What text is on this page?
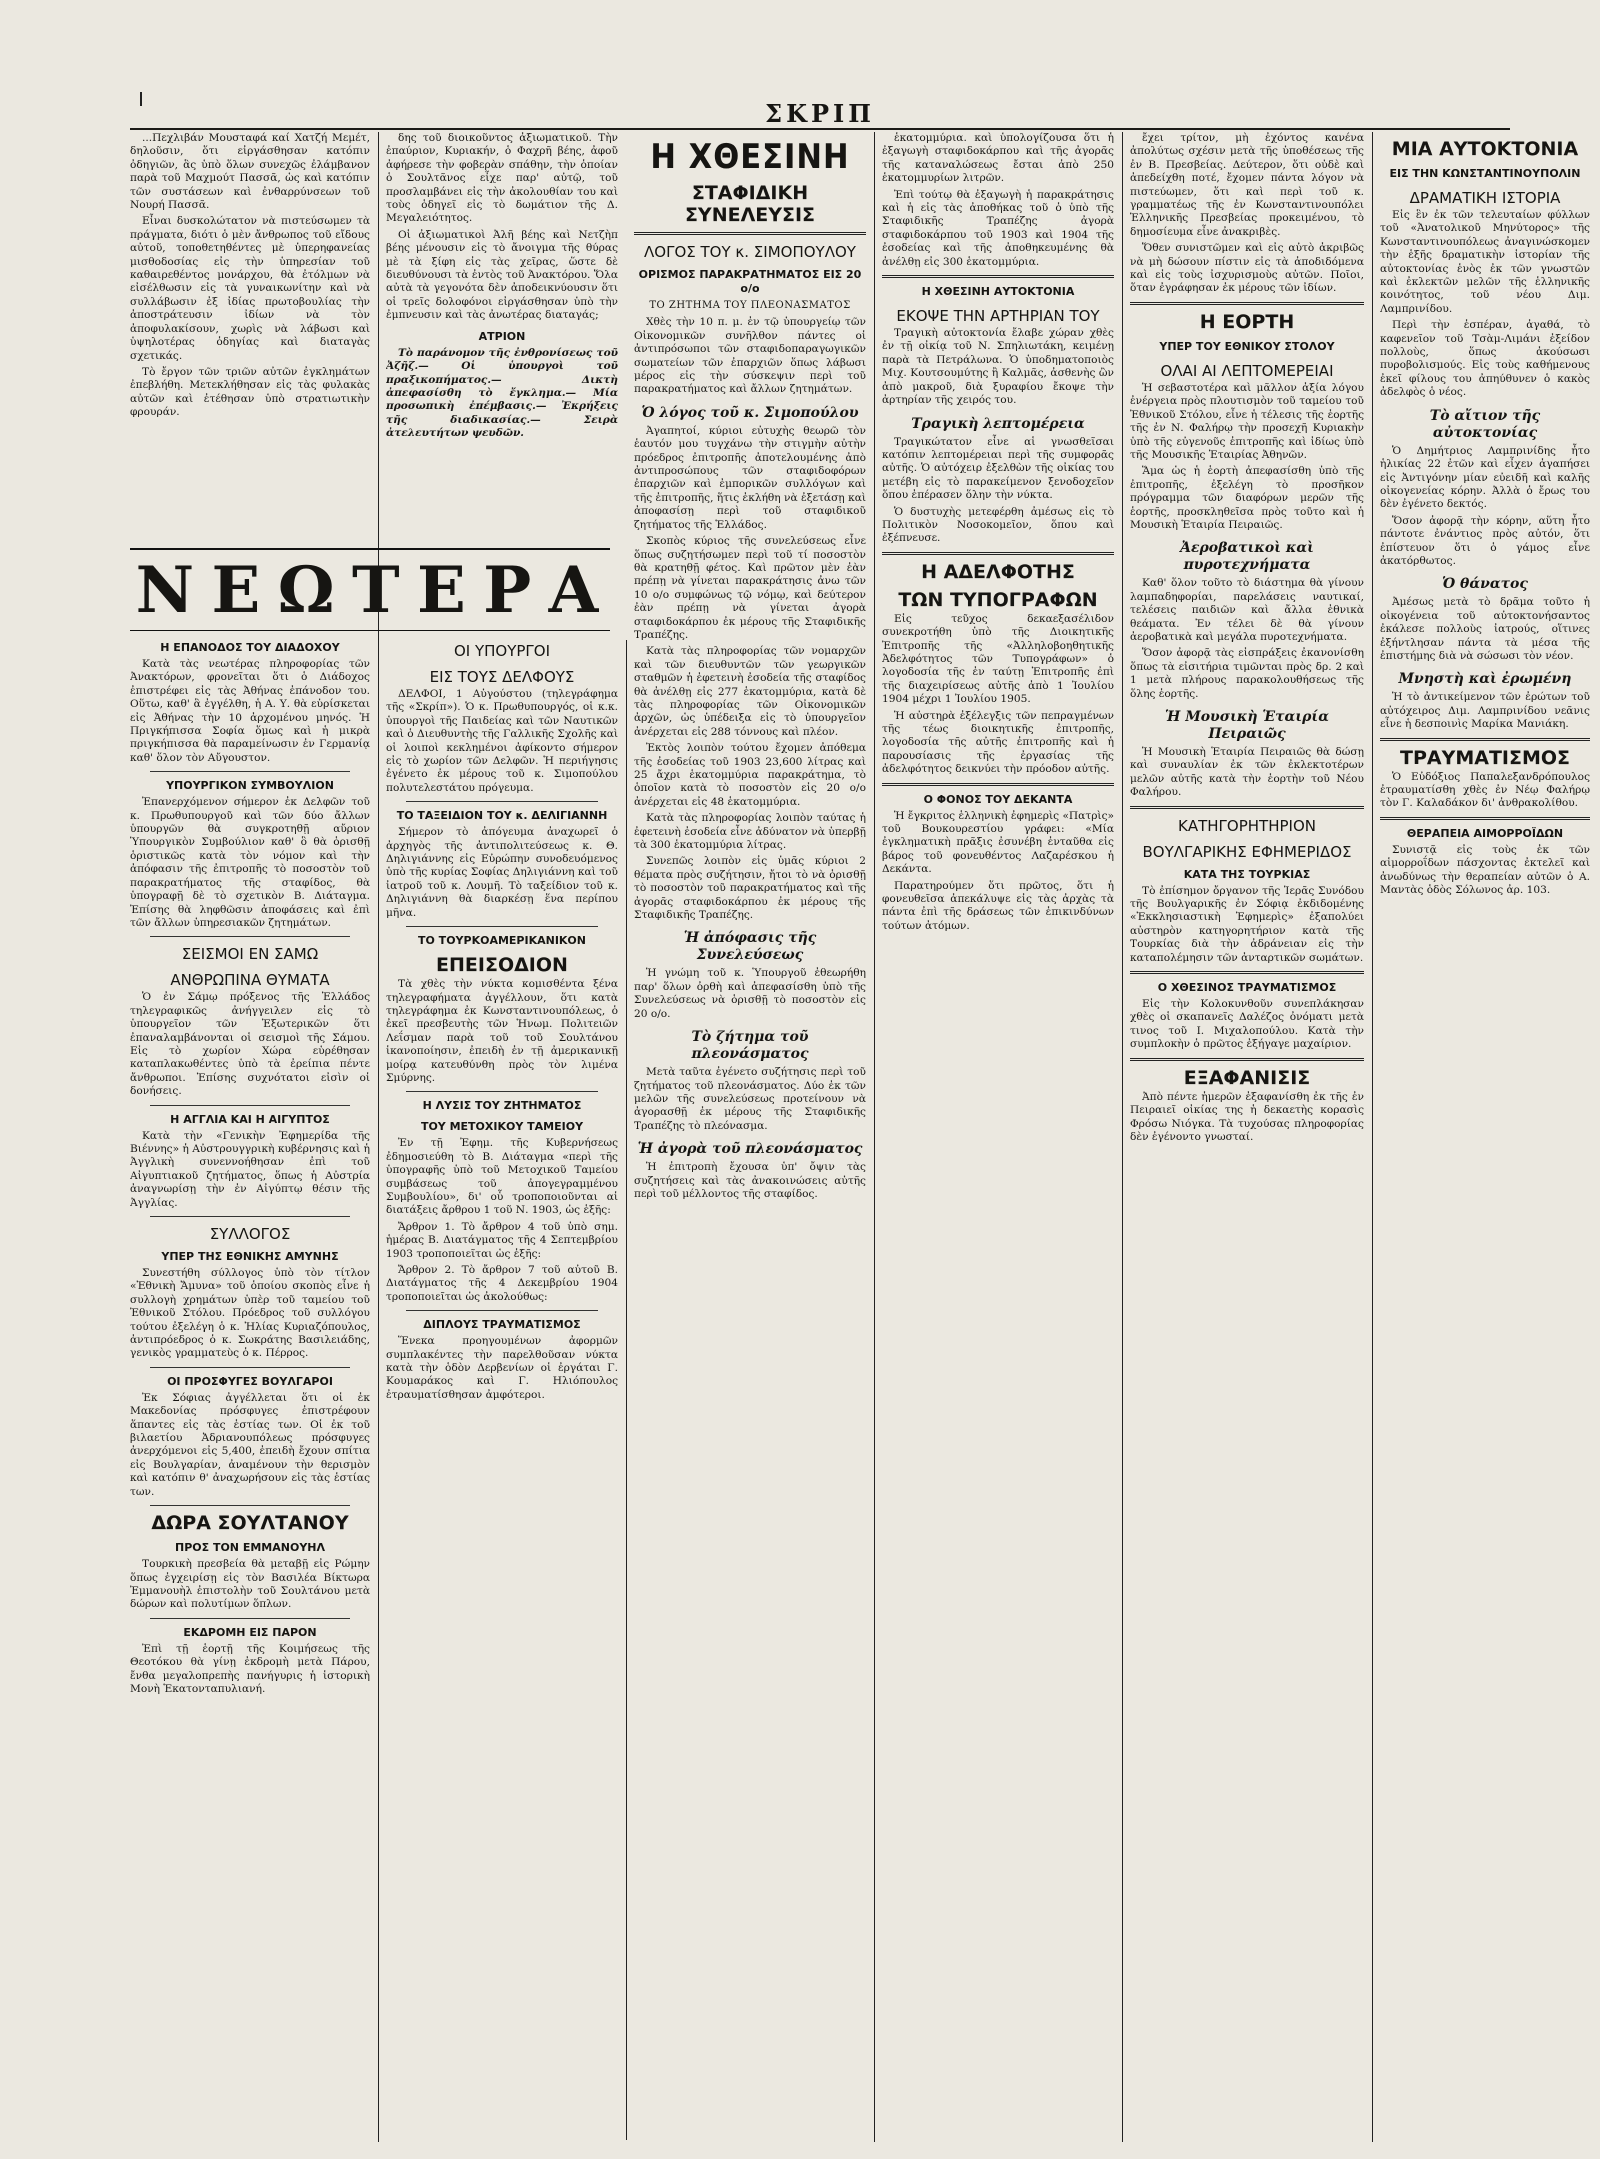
ΣΚΡΙΠ
Ν Ε Ω Τ Ε Ρ Α

...Πεχλιβάν Μουσταφά καί Χατζή Μεμέτ, δηλοῦσιν, ὅτι εἰργάσθησαν κατόπιν ὀδηγιῶν, ἃς ὑπὸ ὅλων συνεχῶς ἐλάμβανον παρὰ τοῦ Μαχμούτ Πασσᾶ, ὡς καὶ κατόπιν τῶν συστάσεων καὶ ἐνθαρρύνσεων τοῦ Νουρή Πασσᾶ.

Εἶναι δυσκολώτατον νὰ πιστεύσωμεν τὰ πράγματα, διότι ὁ μὲν ἄνθρωπος τοῦ εἴδους αὐτοῦ, τοποθετηθέντες μὲ ὑπερηφανείας μισθοδοσίας εἰς τὴν ὑπηρεσίαν τοῦ καθαιρεθέντος μονάρχου, θὰ ἐτόλμων νὰ εἰσέλθωσιν εἰς τὰ γυναικωνίτην καὶ νὰ συλλάβωσιν ἐξ ἰδίας πρωτοβουλίας τὴν ἀποστράτευσιν ἰδίων νὰ τὸν ἀποφυλακίσουν, χωρὶς νὰ λάβωσι καὶ ὑψηλοτέρας ὁδηγίας καὶ διαταγὰς σχετικάς.

Τὸ ἔργον τῶν τριῶν αὐτῶν ἐγκλημάτων ἐπεβλήθη. Μετεκλήθησαν εἰς τὰς φυλακὰς αὐτῶν καὶ ἐτέθησαν ὑπὸ στρατιωτικὴν φρουράν.

Η ΕΠΑΝΟΔΟΣ ΤΟΥ ΔΙΑΔΟΧΟΥ

Κατὰ τὰς νεωτέρας πληροφορίας τῶν Ἀνακτόρων, φρονεῖται ὅτι ὁ Διάδοχος ἐπιστρέφει εἰς τὰς Ἀθήνας ἐπάνοδον του. Οὕτω, καθ' ἃ ἐγγέλθη, ἡ Α. Υ. θὰ εὑρίσκεται εἰς Ἀθήνας τὴν 10 ἀρχομένου μηνός. Ἡ Πριγκήπισσα Σοφία ὅμως καὶ ἡ μικρὰ πριγκήπισσα θὰ παραμείνωσιν ἐν Γερμανίᾳ καθ' ὅλον τὸν Αὔγουστον.

ΥΠΟΥΡΓΙΚΟΝ ΣΥΜΒΟΥΛΙΟΝ

Ἐπανερχόμενον σήμερον ἐκ Δελφῶν τοῦ κ. Πρωθυπουργοῦ καὶ τῶν δύο ἄλλων ὑπουργῶν θὰ συγκροτηθῇ αὔριον Ὑπουργικὸν Συμβούλιον καθ' ὃ θὰ ὁρισθῇ ὁριστικῶς κατὰ τὸν νόμον καὶ τὴν ἀπόφασιν τῆς ἐπιτροπῆς τὸ ποσοστὸν τοῦ παρακρατήματος τῆς σταφίδος, θὰ ὑπογραφῇ δὲ τὸ σχετικὸν Β. Διάταγμα. Ἐπίσης θὰ ληφθῶσιν ἀποφάσεις καὶ ἐπὶ τῶν ἄλλων ὑπηρεσιακῶν ζητημάτων.

ΣΕΙΣΜΟΙ ΕΝ ΣΑΜΩ
ΑΝΘΡΩΠΙΝΑ ΘΥΜΑΤΑ

Ὁ ἐν Σάμῳ πρόξενος τῆς Ἑλλάδος τηλεγραφικῶς ἀνήγγειλεν εἰς τὸ ὑπουργεῖον τῶν Ἐξωτερικῶν ὅτι ἐπαναλαμβάνονται οἱ σεισμοὶ τῆς Σάμου. Εἰς τὸ χωρίον Χώρα εὑρέθησαν καταπλακωθέντες ὑπὸ τὰ ἐρείπια πέντε ἄνθρωποι. Ἐπίσης συχνότατοι εἰσὶν οἱ δονήσεις.

Η ΑΓΓΛΙΑ ΚΑΙ Η ΑΙΓΥΠΤΟΣ

Κατὰ τὴν «Γενικὴν Ἐφημερίδα τῆς Βιέννης» ἡ Αὐστρουγγρικὴ κυβέρνησις καὶ ἡ Ἀγγλικὴ συνεννοήθησαν ἐπὶ τοῦ Αἰγυπτιακοῦ ζητήματος, ὅπως ἡ Αὐστρία ἀναγνωρίσῃ τὴν ἐν Αἰγύπτῳ θέσιν τῆς Ἀγγλίας.

ΣΥΛΛΟΓΟΣ
ΥΠΕΡ ΤΗΣ ΕΘΝΙΚΗΣ ΑΜΥΝΗΣ

Συνεστήθη σύλλογος ὑπὸ τὸν τίτλον «Ἐθνικὴ Ἄμυνα» τοῦ ὁποίου σκοπὸς εἶνε ἡ συλλογὴ χρημάτων ὑπὲρ τοῦ ταμείου τοῦ Ἐθνικοῦ Στόλου. Πρόεδρος τοῦ συλλόγου τούτου ἐξελέγη ὁ κ. Ἠλίας Κυριαζόπουλος, ἀντιπρόεδρος ὁ κ. Σωκράτης Βασιλειάδης, γενικὸς γραμματεὺς ὁ κ. Πέρρος.

ΟΙ ΠΡΟΣΦΥΓΕΣ ΒΟΥΛΓΑΡΟΙ

Ἐκ Σόφιας ἀγγέλλεται ὅτι οἱ ἐκ Μακεδονίας πρόσφυγες ἐπιστρέφουν ἅπαντες εἰς τὰς ἑστίας των. Οἱ ἐκ τοῦ βιλαετίου Ἀδριανουπόλεως πρόσφυγες ἀνερχόμενοι εἰς 5,400, ἐπειδὴ ἔχουν σπίτια εἰς Βουλγαρίαν, ἀναμένουν τὴν θερισμὸν καὶ κατόπιν θ' ἀναχωρήσουν εἰς τὰς ἑστίας των.

ΔΩΡΑ ΣΟΥΛΤΑΝΟΥ
ΠΡΟΣ ΤΟΝ ΕΜΜΑΝΟΥΗΛ

Τουρκικὴ πρεσβεία θὰ μεταβῇ εἰς Ρώμην ὅπως ἐγχειρίσῃ εἰς τὸν Βασιλέα Βίκτωρα Ἐμμανουὴλ ἐπιστολὴν τοῦ Σουλτάνου μετὰ δώρων καὶ πολυτίμων ὅπλων.

ΕΚΔΡΟΜΗ ΕΙΣ ΠΑΡΟΝ

Ἐπὶ τῇ ἑορτῇ τῆς Κοιμήσεως τῆς Θεοτόκου θὰ γίνῃ ἐκδρομὴ μετὰ Πάρου, ἔνθα μεγαλοπρεπὴς πανήγυρις ἡ ἱστορικὴ Μονὴ Ἑκατονταπυλιανή.

δης τοῦ διοικοῦντος ἀξιωματικοῦ. Τὴν ἐπαύριον, Κυριακήν, ὁ Φαχρῆ βέης, ἀφοῦ ἀφήρεσε τὴν φοβερὰν σπάθην, τὴν ὁποίαν ὁ Σουλτᾶνος εἶχε παρ' αὐτῷ, τοῦ προσλαμβάνει εἰς τὴν ἀκολουθίαν του καὶ τοὺς ὁδηγεῖ εἰς τὸ δωμάτιον τῆς Δ. Μεγαλειότητος.

Οἱ ἀξιωματικοὶ Ἀλῆ βέης καὶ Νετζὴπ βέης μένουσιν εἰς τὸ ἄνοιγμα τῆς θύρας μὲ τὰ ξίφη εἰς τὰς χεῖρας, ὥστε δὲ διευθύνουσι τὰ ἐντὸς τοῦ Ἀνακτόρου. Ὅλα αὐτὰ τὰ γεγονότα δὲν ἀποδεικνύουσιν ὅτι οἱ τρεῖς δολοφόνοι εἰργάσθησαν ὑπὸ τὴν ἐμπνευσιν καὶ τὰς ἀνωτέρας διαταγάς;

ΑΤΡΙΟΝ

Τὸ παράνομον τῆς ἐνθρονίσεως τοῦ Ἀζῆζ.— Οἱ ὑπουργοὶ τοῦ πραξικοπήματος.— Δικτὴ ἀπεφασίσθη τὸ ἔγκλημα.— Μία προσωπικὴ ἐπέμβασις.— Ἐκρήξεις τῆς διαδικασίας.— Σειρὰ ἀτελευτήτων ψευδῶν.

ΟΙ ΥΠΟΥΡΓΟΙ
ΕΙΣ ΤΟΥΣ ΔΕΛΦΟΥΣ

ΔΕΛΦΟΙ, 1 Αὐγούστου (τηλεγράφημα τῆς «Σκρίπ»). Ὁ κ. Πρωθυπουργός, οἱ κ.κ. ὑπουργοὶ τῆς Παιδείας καὶ τῶν Ναυτικῶν καὶ ὁ Διευθυντὴς τῆς Γαλλικῆς Σχολῆς καὶ οἱ λοιποὶ κεκλημένοι ἀφίκοντο σήμερον εἰς τὸ χωρίον τῶν Δελφῶν. Ἡ περιήγησις ἐγένετο ἐκ μέρους τοῦ κ. Σιμοπούλου πολυτελεστάτου πρόγευμα.

ΤΟ ΤΑΞΕΙΔΙΟΝ ΤΟΥ κ. ΔΕΛΙΓΙΑΝΝΗ

Σήμερον τὸ ἀπόγευμα ἀναχωρεῖ ὁ ἀρχηγὸς τῆς ἀντιπολιτεύσεως κ. Θ. Δηλιγιάννης εἰς Εὐρώπην συνοδευόμενος ὑπὸ τῆς κυρίας Σοφίας Δηλιγιάννη καὶ τοῦ ἰατροῦ τοῦ κ. Λουμῆ. Τὸ ταξείδιον τοῦ κ. Δηλιγιάννη θὰ διαρκέσῃ ἕνα περίπου μῆνα.

ΤΟ ΤΟΥΡΚΟΑΜΕΡΙΚΑΝΙΚΟΝ
ΕΠΕΙΣΟΔΙΟΝ

Τὰ χθὲς τὴν νύκτα κομισθέντα ξένα τηλεγραφήματα ἀγγέλλουν, ὅτι κατὰ τηλεγράφημα ἐκ Κωνσταντινουπόλεως, ὁ ἐκεῖ πρεσβευτὴς τῶν Ἡνωμ. Πολιτειῶν Λεΐσμαν παρὰ τοῦ τοῦ Σουλτάνου ἱκανοποίησιν, ἐπειδὴ ἐν τῇ ἀμερικανικῇ μοίρᾳ κατευθύνθη πρὸς τὸν λιμένα Σμύρνης.

Η ΛΥΣΙΣ ΤΟΥ ΖΗΤΗΜΑΤΟΣ
ΤΟΥ ΜΕΤΟΧΙΚΟΥ ΤΑΜΕΙΟΥ

Ἐν τῇ Ἐφημ. τῆς Κυβερνήσεως ἐδημοσιεύθη τὸ Β. Διάταγμα «περὶ τῆς ὑπογραφῆς ὑπὸ τοῦ Μετοχικοῦ Ταμείου συμβάσεως τοῦ ἀπογεγραμμένου Συμβουλίου», δι' οὗ τροποποιοῦνται αἱ διατάξεις ἄρθρου 1 τοῦ Ν. 1903, ὡς ἑξῆς:

Ἄρθρον 1. Τὸ ἄρθρον 4 τοῦ ὑπὸ σημ. ἡμέρας Β. Διατάγματος τῆς 4 Σεπτεμβρίου 1903 τροποποιεῖται ὡς ἑξῆς:

Ἄρθρον 2. Τὸ ἄρθρον 7 τοῦ αὐτοῦ Β. Διατάγματος τῆς 4 Δεκεμβρίου 1904 τροποποιεῖται ὡς ἀκολούθως:

ΔΙΠΛΟΥΣ ΤΡΑΥΜΑΤΙΣΜΟΣ

Ἕνεκα προηγουμένων ἀφορμῶν συμπλακέντες τὴν παρελθοῦσαν νύκτα κατὰ τὴν ὁδὸν Δερβενίων οἱ ἐργάται Γ. Κουμαράκος καὶ Γ. Ηλιόπουλος ἐτραυματίσθησαν ἀμφότεροι.

Η ΧΘΕΣΙΝΗ
ΣΤΑΦΙΔΙΚΗ ΣΥΝΕΛΕΥΣΙΣ
ΛΟΓΟΣ ΤΟΥ κ. ΣΙΜΟΠΟΥΛΟΥ
ΟΡΙΣΜΟΣ ΠΑΡΑΚΡΑΤΗΜΑΤΟΣ ΕΙΣ 20 ο/ο
ΤΟ ΖΗΤΗΜΑ ΤΟΥ ΠΛΕΟΝΑΣΜΑΤΟΣ

Χθὲς τὴν 10 π. μ. ἐν τῷ ὑπουργείῳ τῶν Οἰκονομικῶν συνῆλθον πάντες οἱ ἀντιπρόσωποι τῶν σταφιδοπαραγωγικῶν σωματείων τῶν ἐπαρχιῶν ὅπως λάβωσι μέρος εἰς τὴν σύσκεψιν περὶ τοῦ παρακρατήματος καὶ ἄλλων ζητημάτων.

Ὁ λόγος τοῦ κ. Σιμοπούλου

Ἀγαπητοί, κύριοι εὐτυχὴς θεωρῶ τὸν ἑαυτόν μου τυγχάνω τὴν στιγμὴν αὐτὴν πρόεδρος ἐπιτροπῆς ἀποτελουμένης ἀπὸ ἀντιπροσώπους τῶν σταφιδοφόρων ἐπαρχιῶν καὶ ἐμπορικῶν συλλόγων καὶ τῆς ἐπιτροπῆς, ἥτις ἐκλήθη νὰ ἐξετάσῃ καὶ ἀποφασίσῃ περὶ τοῦ σταφιδικοῦ ζητήματος τῆς Ἑλλάδος.

Σκοπὸς κύριος τῆς συνελεύσεως εἶνε ὅπως συζητήσωμεν περὶ τοῦ τί ποσοστὸν θὰ κρατηθῇ φέτος. Καὶ πρῶτον μὲν ἐὰν πρέπῃ νὰ γίνεται παρακράτησις ἀνω τῶν 10 ο/ο συμφώνως τῷ νόμῳ, καὶ δεύτερον ἐὰν πρέπῃ νὰ γίνεται ἀγορὰ σταφιδοκάρπου ἐκ μέρους τῆς Σταφιδικῆς Τραπέζης.

Κατὰ τὰς πληροφορίας τῶν νομαρχῶν καὶ τῶν διευθυντῶν τῶν γεωργικῶν σταθμῶν ἡ ἐφετεινὴ ἐσοδεία τῆς σταφίδος θὰ ἀνέλθῃ εἰς 277 ἑκατομμύρια, κατὰ δὲ τὰς πληροφορίας τῶν Οἰκονομικῶν ἀρχῶν, ὡς ὑπέδειξα εἰς τὸ ὑπουργεῖον ἀνέρχεται εἰς 288 τόννους καὶ πλέον.

Ἐκτὸς λοιπὸν τούτου ἔχομεν ἀπόθεμα τῆς ἐσοδείας τοῦ 1903 23,600 λίτρας καὶ 25 ἄχρι ἑκατομμύρια παρακράτημα, τὸ ὁποῖον κατὰ τὸ ποσοστὸν εἰς 20 ο/ο ἀνέρχεται εἰς 48 ἑκατομμύρια.

Κατὰ τὰς πληροφορίας λοιπὸν ταύτας ἡ ἐφετεινὴ ἐσοδεία εἶνε ἀδύνατον νὰ ὑπερβῇ τὰ 300 ἑκατομμύρια λίτρας.

Συνεπῶς λοιπὸν εἰς ὑμᾶς κύριοι 2 θέματα πρὸς συζήτησιν, ἤτοι τὸ νὰ ὁρισθῇ τὸ ποσοστὸν τοῦ παρακρατήματος καὶ τῆς ἀγορᾶς σταφιδοκάρπου ἐκ μέρους τῆς Σταφιδικῆς Τραπέζης.

Ἡ ἀπόφασις τῆς Συνελεύσεως

Ἡ γνώμη τοῦ κ. Ὑπουργοῦ ἐθεωρήθη παρ' ὅλων ὀρθὴ καὶ ἀπεφασίσθη ὑπὸ τῆς Συνελεύσεως νὰ ὁρισθῇ τὸ ποσοστὸν εἰς 20 ο/ο.

Τὸ ζήτημα τοῦ πλεονάσματος

Μετὰ ταῦτα ἐγένετο συζήτησις περὶ τοῦ ζητήματος τοῦ πλεονάσματος. Δύο ἐκ τῶν μελῶν τῆς συνελεύσεως προτείνουν νὰ ἀγορασθῇ ἐκ μέρους τῆς Σταφιδικῆς Τραπέζης τὸ πλεόνασμα.

Ἡ ἀγορὰ τοῦ πλεονάσματος

Ἡ ἐπιτροπὴ ἔχουσα ὑπ' ὄψιν τὰς συζητήσεις καὶ τὰς ἀνακοινώσεις αὐτῆς περὶ τοῦ μέλλοντος τῆς σταφίδος.

ἑκατομμύρια. καὶ ὑπολογίζουσα ὅτι ἡ ἐξαγωγὴ σταφιδοκάρπου καὶ τῆς ἀγορᾶς τῆς καταναλώσεως ἔσται ἀπὸ 250 ἑκατομμυρίων λιτρῶν.

Ἐπὶ τούτῳ θὰ ἐξαγωγὴ ἡ παρακράτησις καὶ ἡ εἰς τὰς ἀποθήκας τοῦ ὁ ὑπὸ τῆς Σταφιδικῆς Τραπέζης ἀγορὰ σταφιδοκάρπου τοῦ 1903 καὶ 1904 τῆς ἐσοδείας καὶ τῆς ἀποθηκευμένης θὰ ἀνέλθῃ εἰς 300 ἑκατομμύρια.

Η ΧΘΕΣΙΝΗ ΑΥΤΟΚΤΟΝΙΑ
ΕΚΟΨΕ ΤΗΝ ΑΡΤΗΡΙΑΝ ΤΟΥ

Τραγικὴ αὐτοκτονία ἔλαβε χώραν χθὲς ἐν τῇ οἰκίᾳ τοῦ Ν. Σπηλιωτάκη, κειμένῃ παρὰ τὰ Πετράλωνα. Ὁ ὑποδηματοποιὸς Μιχ. Κουτσουμύτης ἢ Καλμᾶς, ἀσθενὴς ὢν ἀπὸ μακροῦ, διὰ ξυραφίου ἔκοψε τὴν ἀρτηρίαν τῆς χειρός του.

Τραγικὴ λεπτομέρεια

Τραγικώτατον εἶνε αἱ γνωσθεῖσαι κατόπιν λεπτομέρειαι περὶ τῆς συμφορᾶς αὐτῆς. Ὁ αὐτόχειρ ἐξελθὼν τῆς οἰκίας του μετέβη εἰς τὸ παρακείμενον ξενοδοχεῖον ὅπου ἐπέρασεν ὅλην τὴν νύκτα.

Ὁ δυστυχὴς μετεφέρθη ἀμέσως εἰς τὸ Πολιτικὸν Νοσοκομεῖον, ὅπου καὶ ἐξέπνευσε.

Η ΑΔΕΛΦΟΤΗΣ
ΤΩΝ ΤΥΠΟΓΡΑΦΩΝ

Εἰς τεῦχος δεκαεξασέλιδον συνεκροτήθη ὑπὸ τῆς Διοικητικῆς Ἐπιτροπῆς τῆς «Ἀλληλοβοηθητικῆς Ἀδελφότητος τῶν Τυπογράφων» ὁ λογοδοσία τῆς ἐν ταύτῃ Ἐπιτροπῆς ἐπὶ τῆς διαχειρίσεως αὐτῆς ἀπὸ 1 Ἰουλίου 1904 μέχρι 1 Ἰουλίου 1905.

Ἡ αὐστηρὰ ἐξέλεγξις τῶν πεπραγμένων τῆς τέως διοικητικῆς ἐπιτροπῆς, λογοδοσία τῆς αὐτῆς ἐπιτροπῆς καὶ ἡ παρουσίασις τῆς ἐργασίας τῆς ἀδελφότητος δεικνύει τὴν πρόοδον αὐτῆς.

Ο ΦΟΝΟΣ ΤΟΥ ΔΕΚΑΝΤΑ

Ἡ ἔγκριτος ἑλληνικὴ ἐφημερὶς «Πατρὶς» τοῦ Βουκουρεστίου γράφει: «Μία ἐγκληματικὴ πρᾶξις ἐσυνέβη ἐνταῦθα εἰς βάρος τοῦ φονευθέντος Λαζαρέσκου ἡ Δεκάντα.

Παρατηρούμεν ὅτι πρῶτος, ὅτι ἡ φονευθεῖσα ἀπεκάλυψε εἰς τὰς ἀρχὰς τὰ πάντα ἐπὶ τῆς δράσεως τῶν ἐπικινδύνων τούτων ἀτόμων.

ἔχει τρίτον, μὴ ἐχόντος κανένα ἀπολύτως σχέσιν μετὰ τῆς ὑποθέσεως τῆς ἐν Β. Πρεσβείας. Δεύτερον, ὅτι οὐδὲ καὶ ἀπεδείχθη ποτέ, ἔχομεν πάντα λόγον νὰ πιστεύωμεν, ὅτι καὶ περὶ τοῦ κ. γραμματέως τῆς ἐν Κωνσταντινουπόλει Ἑλληνικῆς Πρεσβείας προκειμένου, τὸ δημοσίευμα εἶνε ἀνακριβὲς.

Ὅθεν συνιστῶμεν καὶ εἰς αὐτὸ ἀκριβῶς νὰ μὴ δώσουν πίστιν εἰς τὰ ἀποδιδόμενα καὶ εἰς τοὺς ἰσχυρισμοὺς αὐτῶν. Ποῖοι, ὅταν ἐγράφησαν ἐκ μέρους τῶν ἰδίων.

Η ΕΟΡΤΗ
ΥΠΕΡ ΤΟΥ ΕΘΝΙΚΟΥ ΣΤΟΛΟΥ
ΟΛΑΙ ΑΙ ΛΕΠΤΟΜΕΡΕΙΑΙ

Ἡ σεβαστοτέρα καὶ μᾶλλον ἀξία λόγου ἐνέργεια πρὸς πλουτισμὸν τοῦ ταμείου τοῦ Ἐθνικοῦ Στόλου, εἶνε ἡ τέλεσις τῆς ἑορτῆς τῆς ἐν Ν. Φαλήρῳ τὴν προσεχῆ Κυριακὴν ὑπὸ τῆς εὐγενοῦς ἐπιτροπῆς καὶ ἰδίως ὑπὸ τῆς Μουσικῆς Ἑταιρίας Ἀθηνῶν.

Ἅμα ὡς ἡ ἑορτὴ ἀπεφασίσθη ὑπὸ τῆς ἐπιτροπῆς, ἐξελέγη τὸ προσῆκον πρόγραμμα τῶν διαφόρων μερῶν τῆς ἑορτῆς, προσκληθεῖσα πρὸς τοῦτο καὶ ἡ Μουσικὴ Ἑταιρία Πειραιῶς.

Ἀεροβατικοὶ καὶ πυροτεχνήματα

Καθ' ὅλον τοῦτο τὸ διάστημα θὰ γίνουν λαμπαδηφορίαι, παρελάσεις ναυτικαί, τελέσεις παιδιῶν καὶ ἄλλα ἐθνικὰ θεάματα. Ἐν τέλει δὲ θὰ γίνουν ἀεροβατικὰ καὶ μεγάλα πυροτεχνήματα.

Ὅσον ἀφορᾷ τὰς εἰσπράξεις ἐκανονίσθη ὅπως τὰ εἰσιτήρια τιμῶνται πρὸς δρ. 2 καὶ 1 μετὰ πλήρους παρακολουθήσεως τῆς ὅλης ἑορτῆς.

Ἡ Μουσικὴ Ἑταιρία Πειραιῶς

Ἡ Μουσικὴ Ἑταιρία Πειραιῶς θὰ δώσῃ καὶ συναυλίαν ἐκ τῶν ἐκλεκτοτέρων μελῶν αὐτῆς κατὰ τὴν ἑορτὴν τοῦ Νέου Φαλήρου.

ΚΑΤΗΓΟΡΗΤΗΡΙΟΝ
ΒΟΥΛΓΑΡΙΚΗΣ ΕΦΗΜΕΡΙΔΟΣ
ΚΑΤΑ ΤΗΣ ΤΟΥΡΚΙΑΣ

Τὸ ἐπίσημον ὄργανον τῆς Ἱερᾶς Συνόδου τῆς Βουλγαρικῆς ἐν Σόφιᾳ ἐκδιδομένης «Ἐκκλησιαστικὴ Ἐφημερὶς» ἐξαπολύει αὐστηρὸν κατηγορητήριον κατὰ τῆς Τουρκίας διὰ τὴν ἀδράνειαν εἰς τὴν καταπολέμησιν τῶν ἀνταρτικῶν σωμάτων.

Ο ΧΘΕΣΙΝΟΣ ΤΡΑΥΜΑΤΙΣΜΟΣ

Εἰς τὴν Κολοκυνθοῦν συνεπλάκησαν χθὲς οἱ σκαπανεῖς Δαλέζος ὀνόματι μετὰ τινος τοῦ Ι. Μιχαλοπούλου. Κατὰ τὴν συμπλοκὴν ὁ πρῶτος ἐξήγαγε μαχαίριον.

ΕΞΑΦΑΝΙΣΙΣ

Ἀπὸ πέντε ἡμερῶν ἐξαφανίσθη ἐκ τῆς ἐν Πειραιεῖ οἰκίας της ἡ δεκαετὴς κορασὶς Φρόσω Νιόγκα. Τὰ τυχούσας πληροφορίας δὲν ἐγένοντο γνωσταί.

ΜΙΑ ΑΥΤΟΚΤΟΝΙΑ
ΕΙΣ ΤΗΝ ΚΩΝΣΤΑΝΤΙΝΟΥΠΟΛΙΝ
ΔΡΑΜΑΤΙΚΗ ΙΣΤΟΡΙΑ

Εἰς ἓν ἐκ τῶν τελευταίων φύλλων τοῦ «Ἀνατολικοῦ Μηνύτορος» τῆς Κωνσταντινουπόλεως ἀναγινώσκομεν τὴν ἑξῆς δραματικὴν ἱστορίαν τῆς αὐτοκτονίας ἑνὸς ἐκ τῶν γνωστῶν καὶ ἐκλεκτῶν μελῶν τῆς ἑλληνικῆς κοινότητος, τοῦ νέου Διμ. Λαμπρινίδου.

Περὶ τὴν ἑσπέραν, ἀγαθά, τὸ καφενεῖον τοῦ Τσὰμ-Λιμάνι ἐξείδον πολλοὺς, ὅπως ἀκούσωσι πυροβολισμούς. Εἰς τοὺς καθήμενους ἐκεῖ φίλους του ἀπηύθυνεν ὁ κακὸς ἀδελφὸς ὁ νέος.

Τὸ αἴτιον τῆς αὐτοκτονίας

Ὁ Δημήτριος Λαμπρινίδης ἦτο ἡλικίας 22 ἐτῶν καὶ εἶχεν ἀγαπήσει εἰς Ἀντιγόνην μίαν εὐειδῆ καὶ καλῆς οἰκογενείας κόρην. Ἀλλὰ ὁ ἔρως του δὲν ἐγένετο δεκτός.

Ὅσον ἀφορᾷ τὴν κόρην, αὕτη ἦτο πάντοτε ἐνάντιος πρὸς αὐτόν, ὅτι ἐπίστευον ὅτι ὁ γάμος εἶνε ἀκατόρθωτος.

Ὁ θάνατος

Ἀμέσως μετὰ τὸ δρᾶμα τοῦτο ἡ οἰκογένεια τοῦ αὐτοκτονήσαντος ἐκάλεσε πολλοὺς ἰατρούς, οἵτινες ἐξήντλησαν πάντα τὰ μέσα τῆς ἐπιστήμης διὰ νὰ σώσωσι τὸν νέον.

Μνηστὴ καὶ ἐρωμένη

Ἡ τὸ ἀντικείμενον τῶν ἐρώτων τοῦ αὐτόχειρος Διμ. Λαμπρινίδου νεᾶνις εἶνε ἡ δεσποινὶς Μαρίκα Μανιάκη.

ΤΡΑΥΜΑΤΙΣΜΟΣ

Ὁ Εὐδόξιος Παπαλεξανδρόπουλος ἐτραυματίσθη χθὲς ἐν Νέῳ Φαλήρῳ τὸν Γ. Καλαδάκον δι' ἀνθρακολίθου.

ΘΕΡΑΠΕΙΑ ΑΙΜΟΡΡΟΪΔΩΝ

Συνιστᾷ εἰς τοὺς ἐκ τῶν αἱμορροΐδων πάσχοντας ἐκτελεῖ καὶ ἀνωδύνως τὴν θεραπείαν αὐτῶν ὁ Α. Μαντὰς ὁδὸς Σόλωνος ἀρ. 103.
